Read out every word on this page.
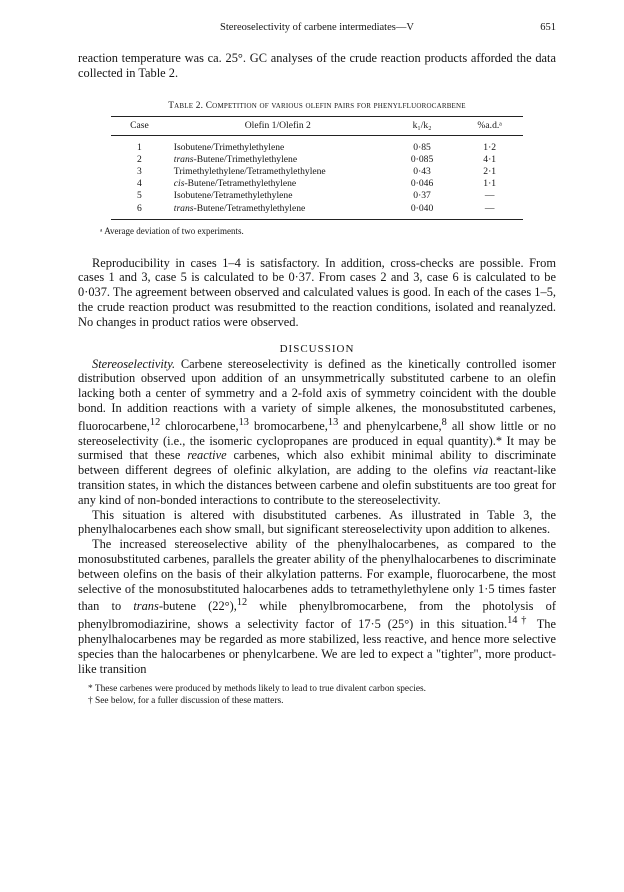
Stereoselectivity of carbene intermediates—V	651

reaction temperature was ca. 25°. GC analyses of the crude reaction products afforded the data collected in Table 2.

Table 2. Competition of various olefin pairs for phenylfluorocarbene
Case	Olefin 1/Olefin 2	k₁/k₂	%a.d.ᵃ
1	Isobutene/Trimethylethylene	0·85	1·2
2	trans-Butene/Trimethylethylene	0·085	4·1
3	Trimethylethylene/Tetramethylethylene	0·43	2·1
4	cis-Butene/Tetramethylethylene	0·046	1·1
5	Isobutene/Tetramethylethylene	0·37	—
6	trans-Butene/Tetramethylethylene	0·040	—
ᵃ Average deviation of two experiments.

Reproducibility in cases 1–4 is satisfactory. In addition, cross-checks are possible. From cases 1 and 3, case 5 is calculated to be 0·37. From cases 2 and 3, case 6 is calculated to be 0·037. The agreement between observed and calculated values is good. In each of the cases 1–5, the crude reaction product was resubmitted to the reaction conditions, isolated and reanalyzed. No changes in product ratios were observed.

DISCUSSION

Stereoselectivity. Carbene stereoselectivity is defined as the kinetically controlled isomer distribution observed upon addition of an unsymmetrically substituted carbene to an olefin lacking both a center of symmetry and a 2-fold axis of symmetry coincident with the double bond. In addition reactions with a variety of simple alkenes, the monosubstituted carbenes, fluorocarbene,$^{12}$ chlorocarbene,$^{13}$ bromocarbene,$^{13}$ and phenylcarbene,$^8$ all show little or no stereoselectivity (i.e., the isomeric cyclopropanes are produced in equal quantity).* It may be surmised that these reactive carbenes, which also exhibit minimal ability to discriminate between different degrees of olefinic alkylation, are adding to the olefins via reactant-like transition states, in which the distances between carbene and olefin substituents are too great for any kind of non-bonded interactions to contribute to the stereoselectivity.

This situation is altered with disubstituted carbenes. As illustrated in Table 3, the phenylhalocarbenes each show small, but significant stereoselectivity upon addition to alkenes.

The increased stereoselective ability of the phenylhalocarbenes, as compared to the monosubstituted carbenes, parallels the greater ability of the phenylhalocarbenes to discriminate between olefins on the basis of their alkylation patterns. For example, fluorocarbene, the most selective of the monosubstituted halocarbenes adds to tetramethylethylene only 1·5 times faster than to trans-butene (22°),$^{12}$ while phenylbromocarbene, from the photolysis of phenylbromodiazirine, shows a selectivity factor of 17·5 (25°) in this situation.$^{14\dagger}$ The phenylhalocarbenes may be regarded as more stabilized, less reactive, and hence more selective species than the halocarbenes or phenylcarbene. We are led to expect a "tighter", more product-like transition

* These carbenes were produced by methods likely to lead to true divalent carbon species.
† See below, for a fuller discussion of these matters.
